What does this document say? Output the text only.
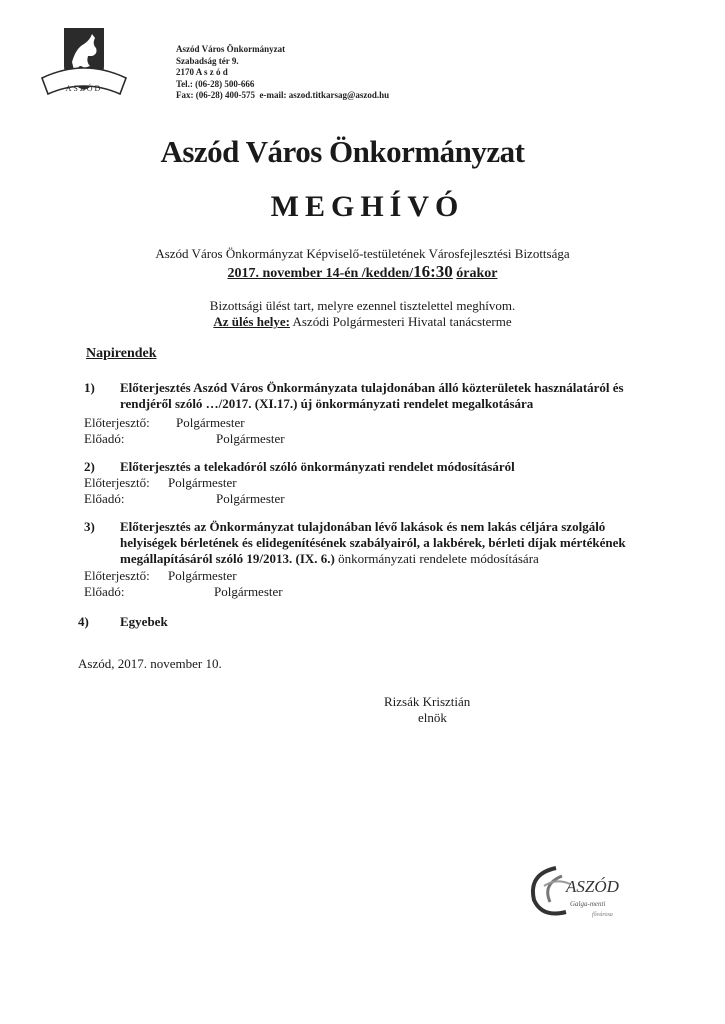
ASZÓD
Aszód Város Önkormányzat
Szabadság tér 9.
2170 A s z ó d
Tel.: (06-28) 500-666
Fax: (06-28) 400-575 e-mail: aszod.titkarsag@aszod.hu
Aszód Város Önkormányzat
MEGHÍVÓ
Aszód Város Önkormányzat Képviselő-testületének Városfejlesztési Bizottsága
2017. november 14-én /kedden/16:30 órakor
Bizottsági ülést tart, melyre ezennel tisztelettel meghívom.
Az ülés helye: Aszódi Polgármesteri Hivatal tanácsterme
Napirendek
1) Előterjesztés Aszód Város Önkormányzata tulajdonában álló közterületek használatáról és rendjéről szóló …/2017. (XI.17.) új önkormányzati rendelet megalkotására
Előterjesztő: Polgármester
Előadó:	Polgármester
2) Előterjesztés a telekadóról szóló önkormányzati rendelet módosításáról
Előterjesztő: Polgármester
Előadó:	Polgármester
3) Előterjesztés az Önkormányzat tulajdonában lévő lakások és nem lakás céljára szolgáló helyiségek bérletének és elidegenítésének szabályairól, a lakbérek, bérleti díjak mértékének megállapításáról szóló 19/2013. (IX. 6.) önkormányzati rendelete módosítására
Előterjesztő: Polgármester
Előadó:	Polgármester
4) Egyebek
Aszód, 2017. november 10.
Rizsák Krisztián
elnök
ASZÓD
Galga-menti
fővárosa
